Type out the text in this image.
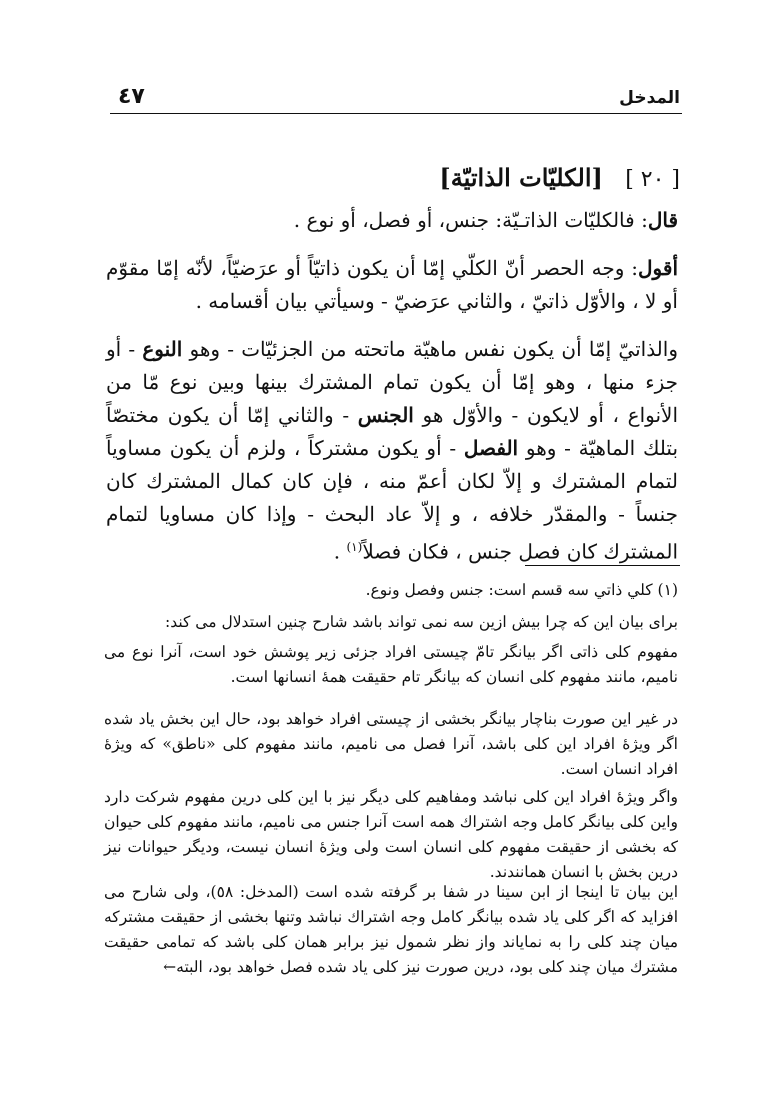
المدخل
٤٧
[ ٢٠ ] [الكليّات الذاتيّة]
قال: فالكليّات الذاتـيّة: جنس، أو فصل، أو نوع .
أقول: وجه الحصر أنّ الكلّي إمّا أن يكون ذاتيّاً أو عرَضيّاً، لأنّه إمّا مقوّم أو لا ، والأوّل ذاتيّ ، والثاني عرَضيّ - وسيأتي بيان أقسامه .
والذاتيّ إمّا أن يكون نفس ماهيّة ماتحته من الجزئيّات - وهو النوع - أو جزء منها ، وهو إمّا أن يكون تمام المشترك بينها وبين نوع مّا من الأنواع ، أو لايكون - والأوّل هو الجنس - والثاني إمّا أن يكون مختصّاً بتلك الماهيّة - وهو الفصل - أو يكون مشتركاً ، ولزم أن يكون مساوياً لتمام المشترك و إلاّ لكان أعمّ منه ، فإن كان كمال المشترك كان جنساً - والمقدّر خلافه ، و إلاّ عاد البحث - وإذا كان مساويا لتمام المشترك كان فصل جنس ، فكان فصلاً$^{(١)}$ .
(١) كلي ذاتي سه قسم است: جنس وفصل ونوع.
براى بيان اين كه چرا بيش ازين سه نمى تواند باشد شارح چنين استدلال مى كند:
مفهوم كلى ذاتى اگر بيانگر تامّ چيستى افراد جزئى زير پوشش خود است، آنرا نوع مى ناميم، مانند مفهوم كلى انسان كه بيانگر تام حقيقت همهٔ انسانها است.
در غير اين صورت بناچار بيانگر بخشى از چيستى افراد خواهد بود، حال اين بخش ياد شده اگر ويژهٔ افراد اين كلى باشد، آنرا فصل مى ناميم، مانند مفهوم كلى «ناطق» كه ويژهٔ افراد انسان است.
واگر ويژهٔ افراد اين كلى نباشد ومفاهيم كلى ديگر نيز با اين كلى درين مفهوم شركت دارد واين كلى بيانگر كامل وجه اشتراك همه است آنرا جنس مى ناميم، مانند مفهوم كلى حيوان كه بخشى از حقيقت مفهوم كلى انسان است ولى ويژهٔ انسان نيست، وديگر حيوانات نيز درين بخش با انسان همانندند.
اين بيان تا اينجا از ابن سينا در شفا بر گرفته شده است (المدخل: ٥٨)، ولى شارح مى افزايد كه اگر كلى ياد شده بيانگر كامل وجه اشتراك نباشد وتنها بخشى از حقيقت مشتركه ميان چند كلى را به نماياند واز نظر شمول نيز برابر همان كلى باشد كه تمامى حقيقت مشترك ميان چند كلى بود، درين صورت نيز كلى ياد شده فصل خواهد بود، البته←
